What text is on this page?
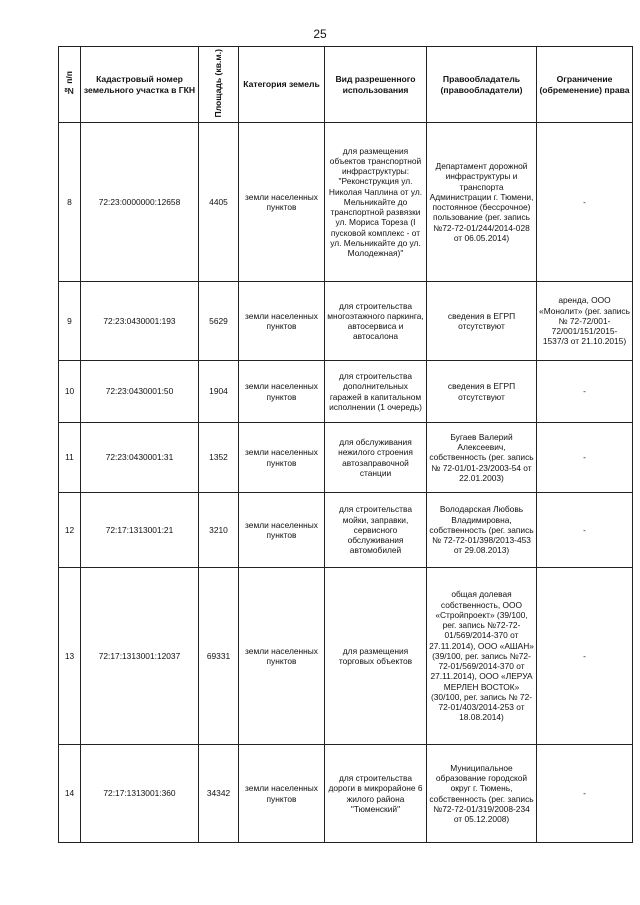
25
№ п/п	Кадастровый номер земельного участка в ГКН	Площадь (кв.м.)	Категория земель	Вид разрешенного использования	Правообладатель (правообладатели)	Ограничение (обременение) права
8	72:23:0000000:12658	4405	земли населенных пунктов	для размещения объектов транспортной инфраструктуры: "Реконструкция ул. Николая Чаплина от ул. Мельникайте до транспортной развязки ул. Мориса Тореза (I пусковой комплекс - от ул. Мельникайте до ул. Молодежная)"	Департамент дорожной инфраструктуры и транспорта Администрации г. Тюмени, постоянное (бессрочное) пользование (рег. запись №72-72-01/244/2014-028 от 06.05.2014)	-
9	72:23:0430001:193	5629	земли населенных пунктов	для строительства многоэтажного паркинга, автосервиса и автосалона	сведения в ЕГРП отсутствуют	аренда, ООО «Монолит» (рег. запись № 72-72/001-72/001/151/2015-1537/3 от 21.10.2015)
10	72:23:0430001:50	1904	земли населенных пунктов	для строительства дополнительных гаражей в капитальном исполнении (1 очередь)	сведения в ЕГРП отсутствуют	-
11	72:23:0430001:31	1352	земли населенных пунктов	для обслуживания нежилого строения автозаправочной станции	Бугаев Валерий Алексеевич, собственность (рег. запись № 72-01/01-23/2003-54 от 22.01.2003)	-
12	72:17:1313001:21	3210	земли населенных пунктов	для строительства мойки, заправки, сервисного обслуживания автомобилей	Володарская Любовь Владимировна, собственность (рег. запись № 72-72-01/398/2013-453 от 29.08.2013)	-
13	72:17:1313001:12037	69331	земли населенных пунктов	для размещения торговых объектов	общая долевая собственность, ООО «Стройпроект» (39/100, рег. запись №72-72-01/569/2014-370 от 27.11.2014), ООО «АШАН» (39/100, рег. запись №72-72-01/569/2014-370 от 27.11.2014), ООО «ЛЕРУА МЕРЛЕН ВОСТОК» (30/100, рег. запись № 72-72-01/403/2014-253 от 18.08.2014)	-
14	72:17:1313001:360	34342	земли населенных пунктов	для строительства дороги в микрорайоне 6 жилого района "Тюменский"	Муниципальное образование городской округ г. Тюмень, собственность (рег. запись №72-72-01/319/2008-234 от 05.12.2008)	-
